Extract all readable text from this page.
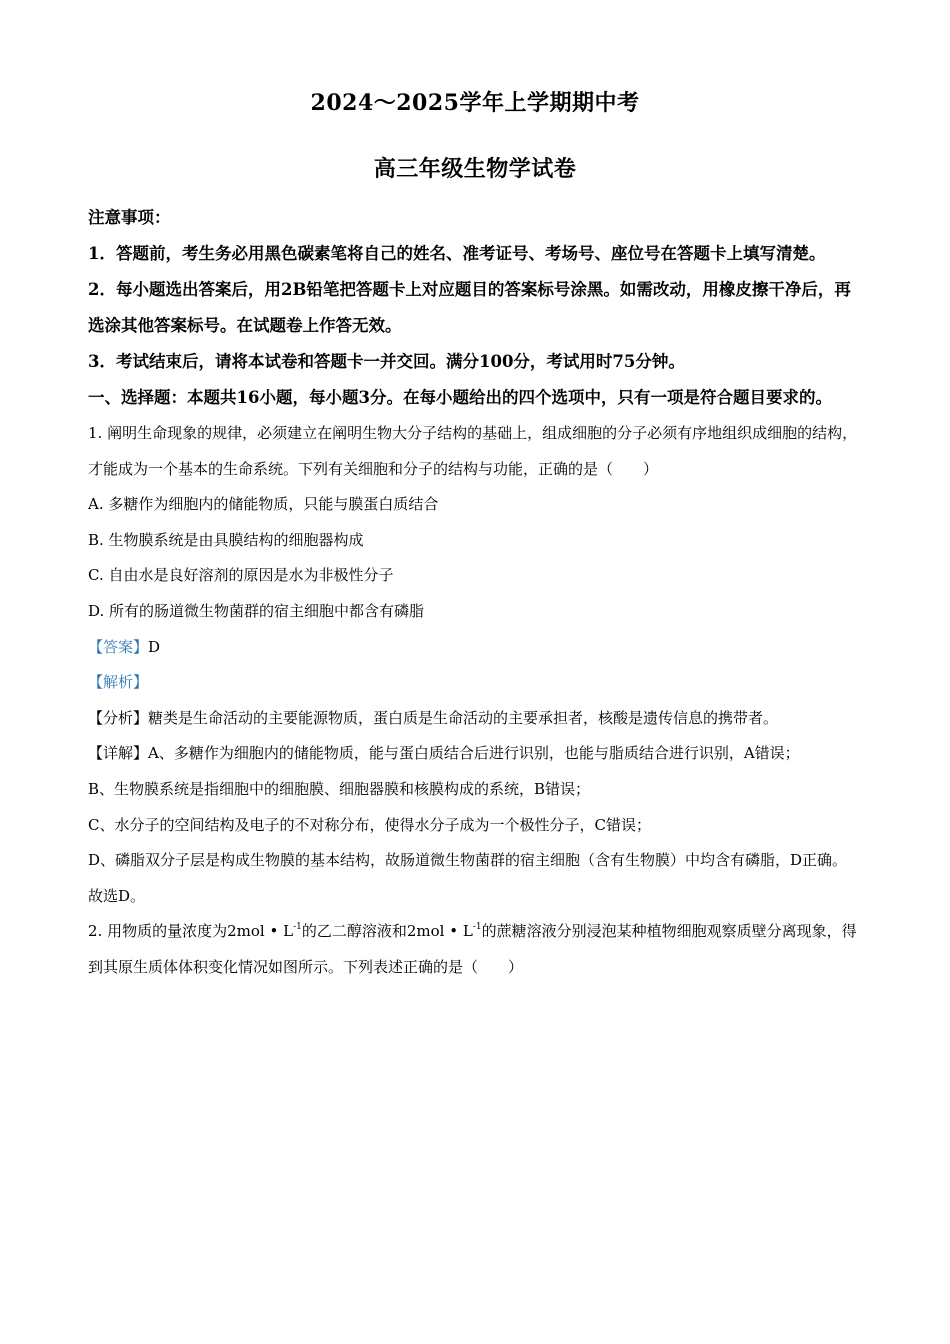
2024～2025学年上学期期中考
高三年级生物学试卷
注意事项：
1．答题前，考生务必用黑色碳素笔将自己的姓名、准考证号、考场号、座位号在答题卡上填写清楚。
2．每小题选出答案后，用2B铅笔把答题卡上对应题目的答案标号涂黑。如需改动，用橡皮擦干净后，再选涂其他答案标号。在试题卷上作答无效。
3．考试结束后，请将本试卷和答题卡一并交回。满分100分，考试用时75分钟。
一、选择题：本题共16小题，每小题3分。在每小题给出的四个选项中，只有一项是符合题目要求的。
1. 阐明生命现象的规律，必须建立在阐明生物大分子结构的基础上，组成细胞的分子必须有序地组织成细胞的结构，才能成为一个基本的生命系统。下列有关细胞和分子的结构与功能，正确的是（　　）
A. 多糖作为细胞内的储能物质，只能与膜蛋白质结合
B. 生物膜系统是由具膜结构的细胞器构成
C. 自由水是良好溶剂的原因是水为非极性分子
D. 所有的肠道微生物菌群的宿主细胞中都含有磷脂
【答案】D
【解析】
【分析】糖类是生命活动的主要能源物质，蛋白质是生命活动的主要承担者，核酸是遗传信息的携带者。
【详解】A、多糖作为细胞内的储能物质，能与蛋白质结合后进行识别，也能与脂质结合进行识别，A错误；
B、生物膜系统是指细胞中的细胞膜、细胞器膜和核膜构成的系统，B错误；
C、水分子的空间结构及电子的不对称分布，使得水分子成为一个极性分子，C错误；
D、磷脂双分子层是构成生物膜的基本结构，故肠道微生物菌群的宿主细胞（含有生物膜）中均含有磷脂，D正确。
故选D。
2. 用物质的量浓度为2mol • $L^{-1}$的乙二醇溶液和2mol • $L^{-1}$的蔗糖溶液分别浸泡某种植物细胞观察质壁分离现象，得到其原生质体体积变化情况如图所示。下列表述正确的是（　　）
